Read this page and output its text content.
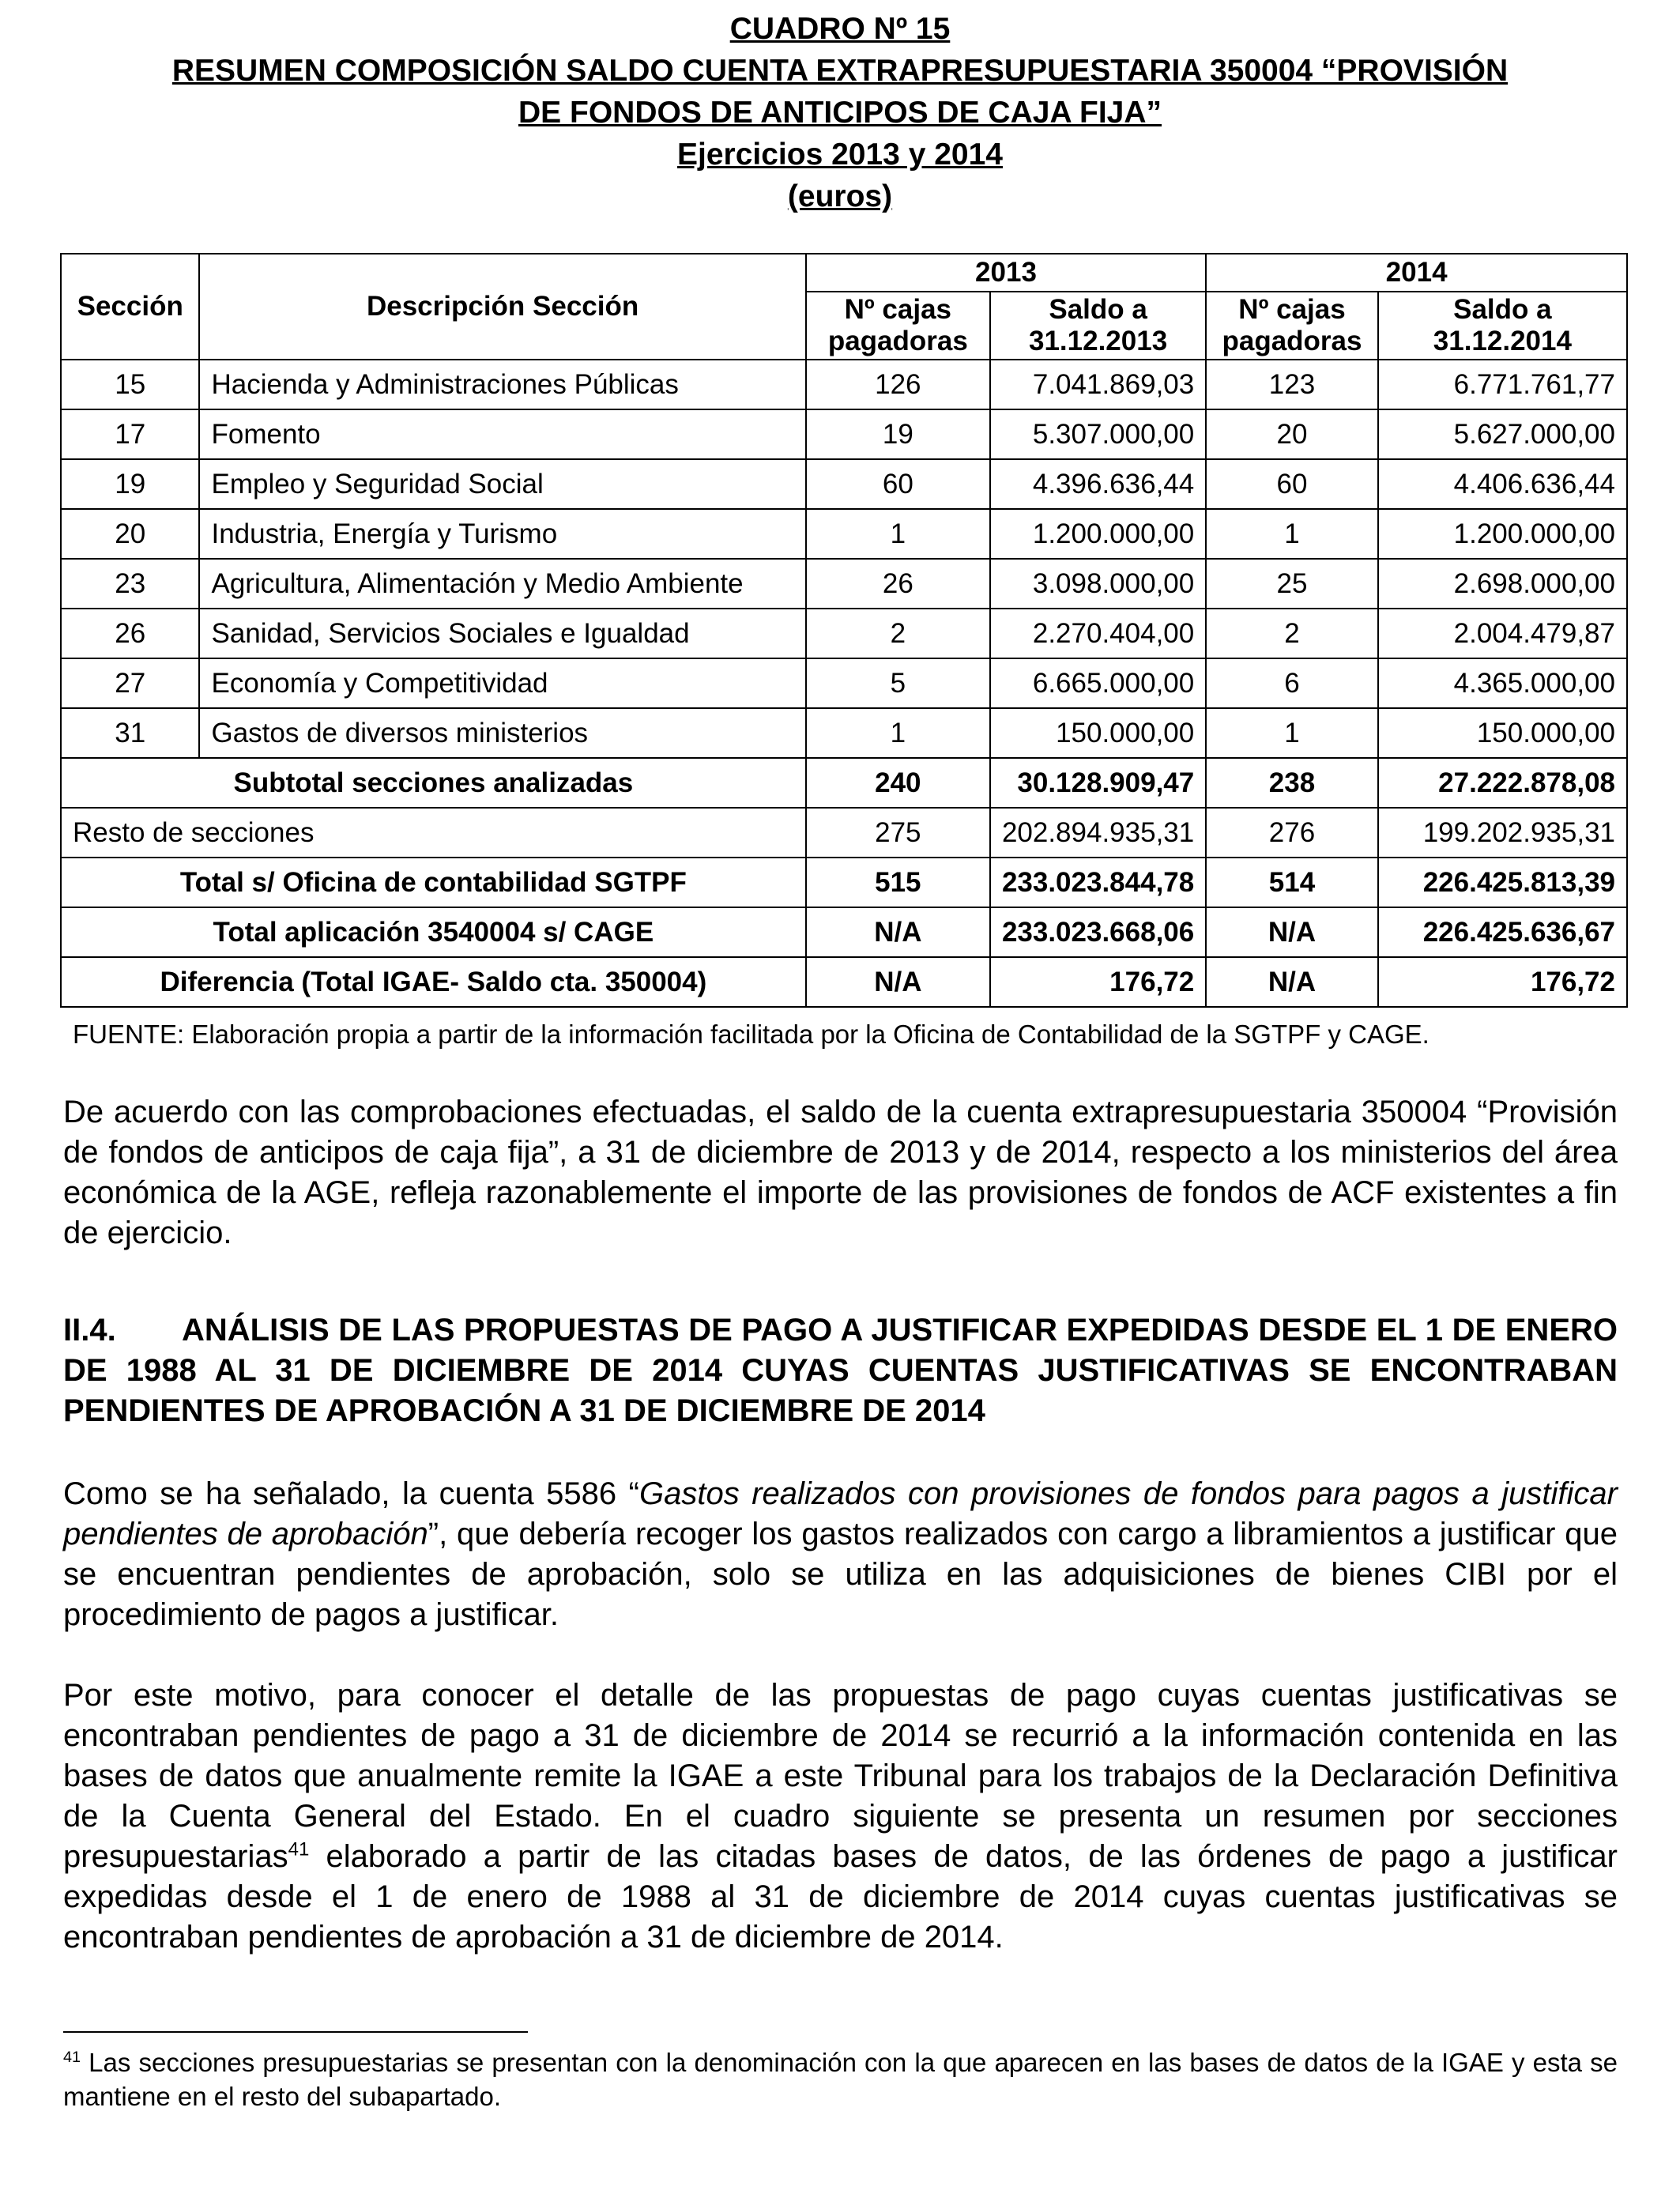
CUADRO Nº 15
RESUMEN COMPOSICIÓN SALDO CUENTA EXTRAPRESUPUESTARIA 350004 “PROVISIÓN
DE FONDOS DE ANTICIPOS DE CAJA FIJA”
Ejercicios 2013 y 2014
(euros)
Sección	Descripción Sección	2013		2014	
		Nº cajas pagadoras	Saldo a 31.12.2013	Nº cajas pagadoras	Saldo a 31.12.2014
15	Hacienda y Administraciones Públicas	126	7.041.869,03	123	6.771.761,77
17	Fomento	19	5.307.000,00	20	5.627.000,00
19	Empleo y Seguridad Social	60	4.396.636,44	60	4.406.636,44
20	Industria, Energía y Turismo	1	1.200.000,00	1	1.200.000,00
23	Agricultura, Alimentación y Medio Ambiente	26	3.098.000,00	25	2.698.000,00
26	Sanidad, Servicios Sociales e Igualdad	2	2.270.404,00	2	2.004.479,87
27	Economía y Competitividad	5	6.665.000,00	6	4.365.000,00
31	Gastos de diversos ministerios	1	150.000,00	1	150.000,00
Subtotal secciones analizadas		240	30.128.909,47	238	27.222.878,08
Resto de secciones		275	202.894.935,31	276	199.202.935,31
Total s/ Oficina de contabilidad SGTPF		515	233.023.844,78	514	226.425.813,39
Total aplicación 3540004 s/ CAGE		N/A	233.023.668,06	N/A	226.425.636,67
Diferencia (Total IGAE- Saldo cta. 350004)		N/A	176,72	N/A	176,72
FUENTE: Elaboración propia a partir de la información facilitada por la Oficina de Contabilidad de la SGTPF y CAGE.
De acuerdo con las comprobaciones efectuadas, el saldo de la cuenta extrapresupuestaria 350004 “Provisión de fondos de anticipos de caja fija”, a 31 de diciembre de 2013 y de 2014, respecto a los ministerios del área económica de la AGE, refleja razonablemente el importe de las provisiones de fondos de ACF existentes a fin de ejercicio.
II.4. ANÁLISIS DE LAS PROPUESTAS DE PAGO A JUSTIFICAR EXPEDIDAS DESDE EL 1 DE ENERO DE 1988 AL 31 DE DICIEMBRE DE 2014 CUYAS CUENTAS JUSTIFICATIVAS SE ENCONTRABAN PENDIENTES DE APROBACIÓN A 31 DE DICIEMBRE DE 2014
Como se ha señalado, la cuenta 5586 “Gastos realizados con provisiones de fondos para pagos a justificar pendientes de aprobación”, que debería recoger los gastos realizados con cargo a libramientos a justificar que se encuentran pendientes de aprobación, solo se utiliza en las adquisiciones de bienes CIBI por el procedimiento de pagos a justificar.
Por este motivo, para conocer el detalle de las propuestas de pago cuyas cuentas justificativas se encontraban pendientes de pago a 31 de diciembre de 2014 se recurrió a la información contenida en las bases de datos que anualmente remite la IGAE a este Tribunal para los trabajos de la Declaración Definitiva de la Cuenta General del Estado. En el cuadro siguiente se presenta un resumen por secciones presupuestarias$^{41}$ elaborado a partir de las citadas bases de datos, de las órdenes de pago a justificar expedidas desde el 1 de enero de 1988 al 31 de diciembre de 2014 cuyas cuentas justificativas se encontraban pendientes de aprobación a 31 de diciembre de 2014.
$^{41}$ Las secciones presupuestarias se presentan con la denominación con la que aparecen en las bases de datos de la IGAE y esta se mantiene en el resto del subapartado.
